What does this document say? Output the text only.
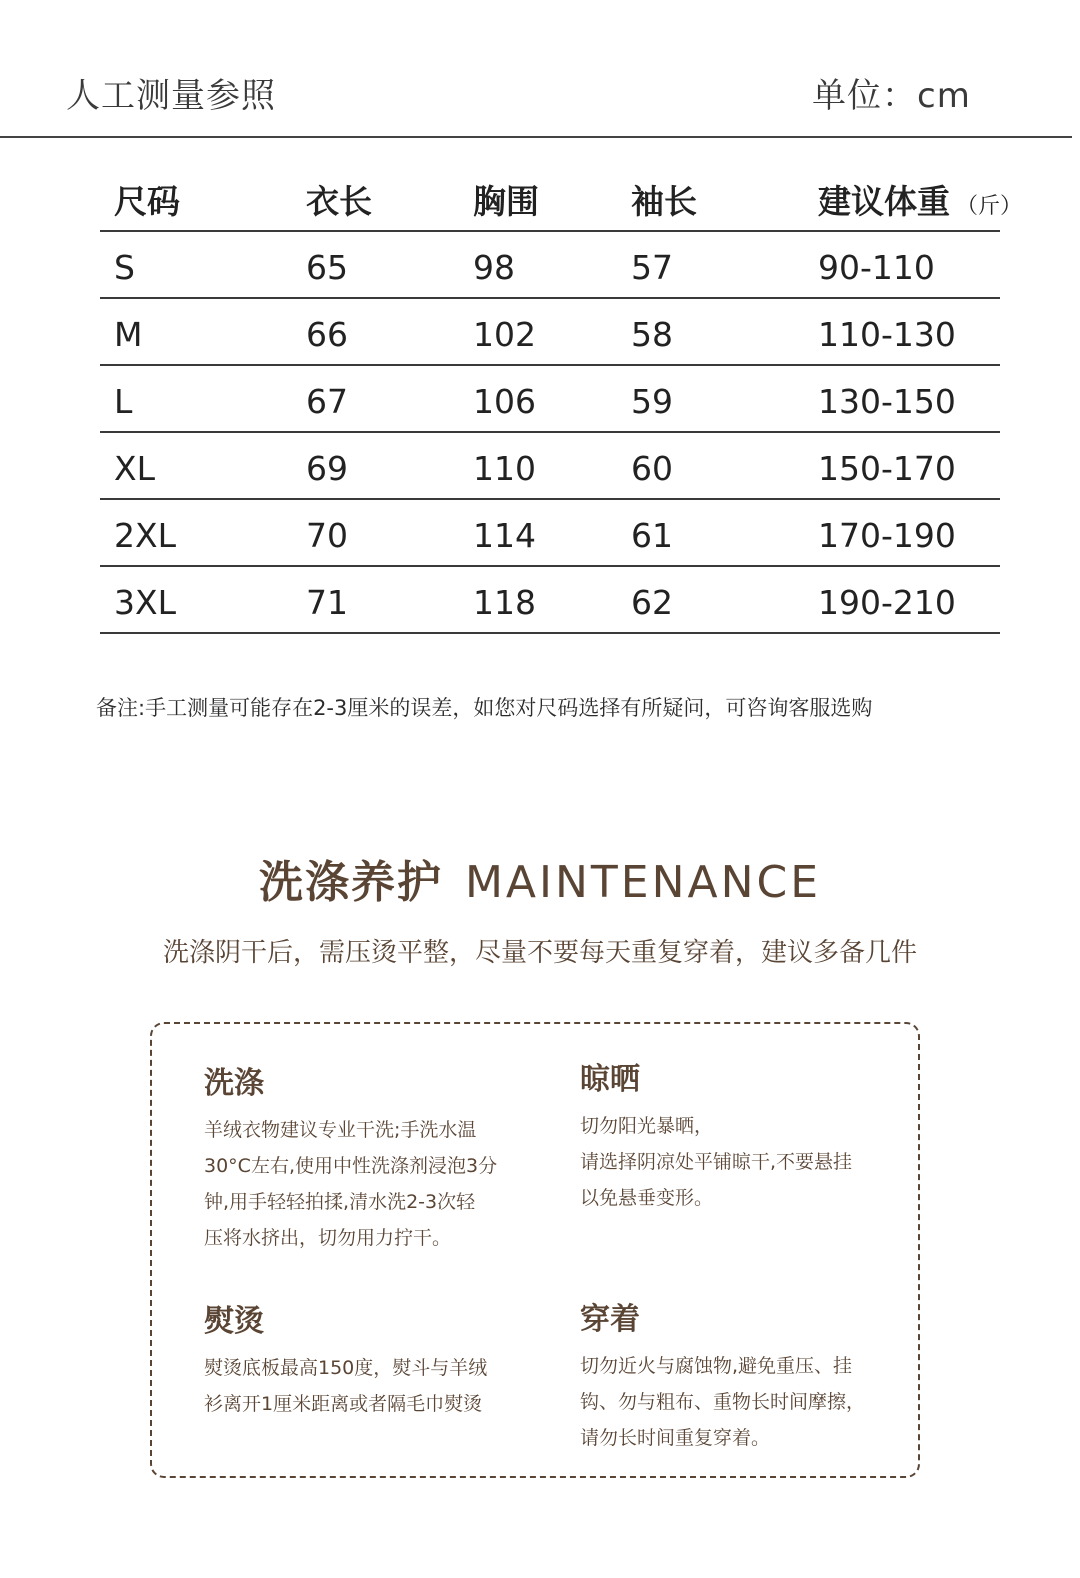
人工测量参照	单位：cm
尺码	衣长	胸围	袖长	建议体重 （斤）
S	65	98	57	90-110
M	66	102	58	110-130
L	67	106	59	130-150
XL	69	110	60	150-170
2XL	70	114	61	170-190
3XL	71	118	62	190-210
备注:手工测量可能存在2-3厘米的误差，如您对尺码选择有所疑问，可咨询客服选购
洗涤养护 MAINTENANCE
洗涤阴干后，需压烫平整，尽量不要每天重复穿着，建议多备几件
洗涤
羊绒衣物建议专业干洗;手洗水温
30°C左右,使用中性洗涤剂浸泡3分
钟,用手轻轻拍揉,清水洗2-3次轻
压将水挤出，切勿用力拧干。
晾晒
切勿阳光暴晒，
请选择阴凉处平铺晾干,不要悬挂
以免悬垂变形。
熨烫
熨烫底板最高150度，熨斗与羊绒
衫离开1厘米距离或者隔毛巾熨烫
穿着
切勿近火与腐蚀物,避免重压、挂
钩、勿与粗布、重物长时间摩擦，
请勿长时间重复穿着。
